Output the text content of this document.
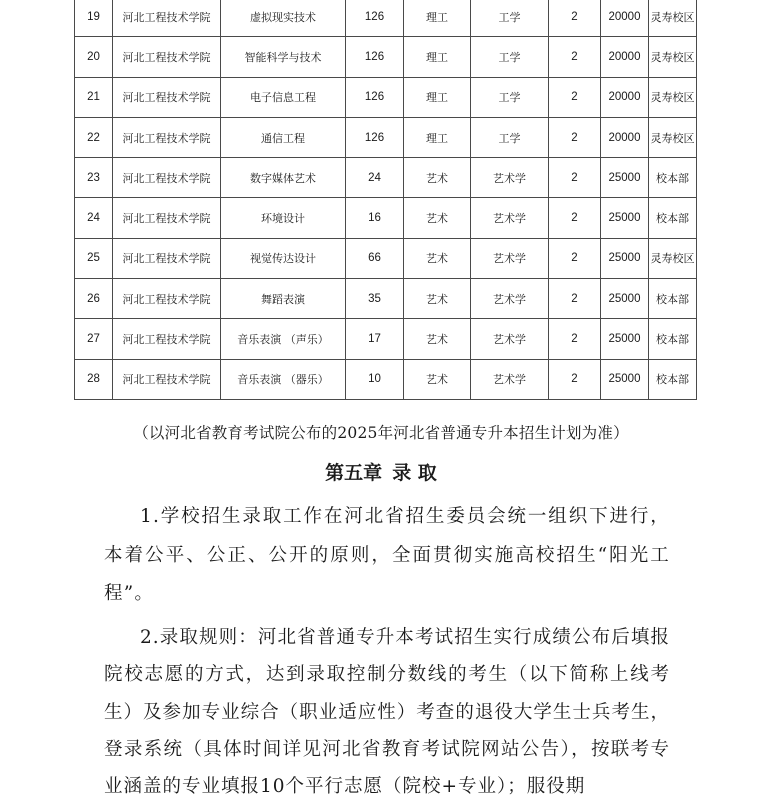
19	河北工程技术学院	虚拟现实技术	126	理工	工学	2	20000	灵寿校区
20	河北工程技术学院	智能科学与技术	126	理工	工学	2	20000	灵寿校区
21	河北工程技术学院	电子信息工程	126	理工	工学	2	20000	灵寿校区
22	河北工程技术学院	通信工程	126	理工	工学	2	20000	灵寿校区
23	河北工程技术学院	数字媒体艺术	24	艺术	艺术学	2	25000	校本部
24	河北工程技术学院	环境设计	16	艺术	艺术学	2	25000	校本部
25	河北工程技术学院	视觉传达设计	66	艺术	艺术学	2	25000	灵寿校区
26	河北工程技术学院	舞蹈表演	35	艺术	艺术学	2	25000	校本部
27	河北工程技术学院	音乐表演 （声乐）	17	艺术	艺术学	2	25000	校本部
28	河北工程技术学院	音乐表演 （器乐）	10	艺术	艺术学	2	25000	校本部
（以河北省教育考试院公布的2025年河北省普通专升本招生计划为准）
第五章 录 取

1.学校招生录取工作在河北省招生委员会统一组织下进行，本着公平、公正、公开的原则，全面贯彻实施高校招生“阳光工程”。

2.录取规则：河北省普通专升本考试招生实行成绩公布后填报院校志愿的方式，达到录取控制分数线的考生（以下简称上线考生）及参加专业综合（职业适应性）考查的退役大学生士兵考生，登录系统（具体时间详见河北省教育考试院网站公告），按联考专业涵盖的专业填报10个平行志愿（院校+专业）；服役期
